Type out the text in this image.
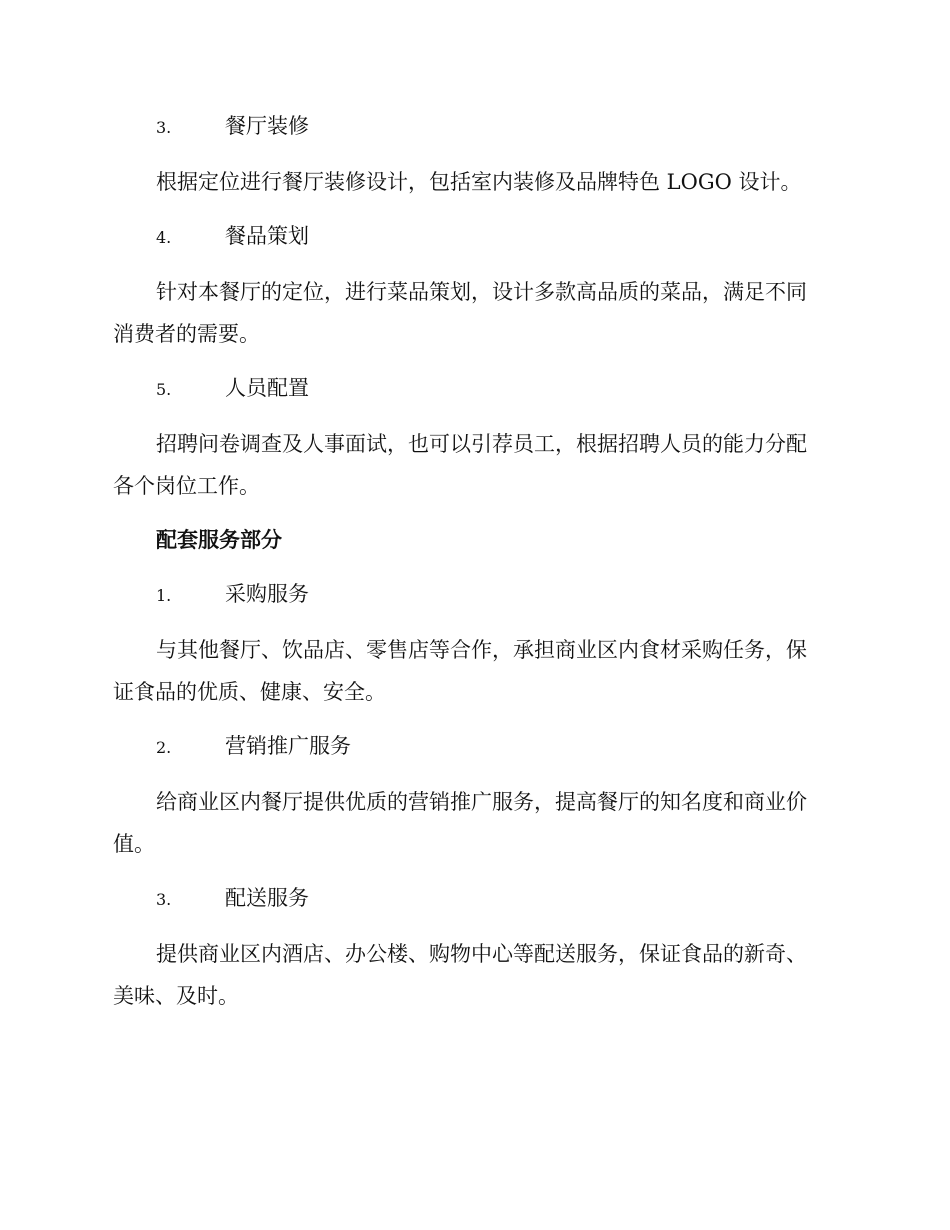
3.	餐厅装修
根据定位进行餐厅装修设计，包括室内装修及品牌特色 LOGO 设计。
4.	餐品策划
针对本餐厅的定位，进行菜品策划，设计多款高品质的菜品，满足不同
消费者的需要。
5.	人员配置
招聘问卷调查及人事面试，也可以引荐员工，根据招聘人员的能力分配
各个岗位工作。
配套服务部分
1.	采购服务
与其他餐厅、饮品店、零售店等合作，承担商业区内食材采购任务，保
证食品的优质、健康、安全。
2.	营销推广服务
给商业区内餐厅提供优质的营销推广服务，提高餐厅的知名度和商业价
值。
3.	配送服务
提供商业区内酒店、办公楼、购物中心等配送服务，保证食品的新奇、
美味、及时。
